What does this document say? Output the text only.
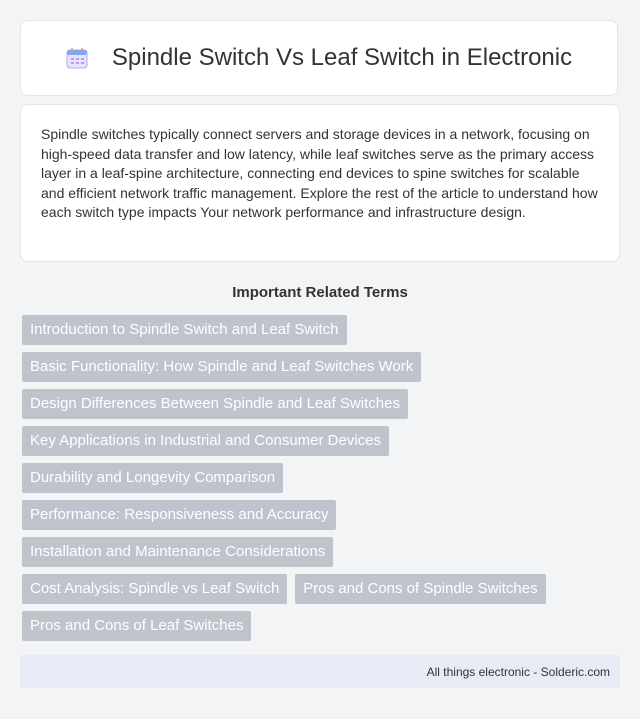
Spindle Switch Vs Leaf Switch in Electronic

Spindle switches typically connect servers and storage devices in a network, focusing on high-speed data transfer and low latency, while leaf switches serve as the primary access layer in a leaf-spine architecture, connecting end devices to spine switches for scalable and efficient network traffic management. Explore the rest of the article to understand how each switch type impacts Your network performance and infrastructure design.

Important Related Terms
Introduction to Spindle Switch and Leaf Switch
Basic Functionality: How Spindle and Leaf Switches Work
Design Differences Between Spindle and Leaf Switches
Key Applications in Industrial and Consumer Devices
Durability and Longevity Comparison
Performance: Responsiveness and Accuracy
Installation and Maintenance Considerations
Cost Analysis: Spindle vs Leaf Switch	Pros and Cons of Spindle Switches
Pros and Cons of Leaf Switches
All things electronic - Solderic.com
